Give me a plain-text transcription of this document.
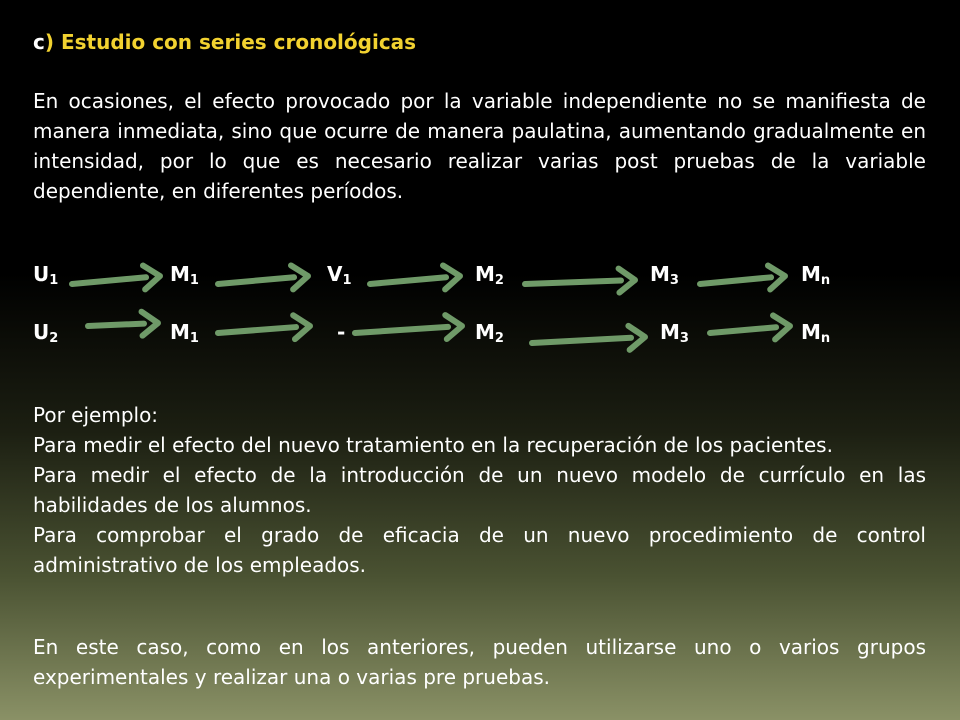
c) Estudio con series cronológicas

En ocasiones, el efecto provocado por la variable independiente no se manifiesta de manera inmediata, sino que ocurre de manera paulatina, aumentando gradualmente en intensidad, por lo que es necesario realizar varias post pruebas de la variable dependiente, en diferentes períodos.

$U_1$	$M_1$	$V_1$	$M_2$	$M_3$	$M_n$
$U_2$	$M_1$	-	$M_2$	$M_3$	$M_n$
Por ejemplo:
Para medir el efecto del nuevo tratamiento en la recuperación de los pacientes.
Para medir el efecto de la introducción de un nuevo modelo de currículo en las habilidades de los alumnos.
Para comprobar el grado de eficacia de un nuevo procedimiento de control administrativo de los empleados.

En este caso, como en los anteriores, pueden utilizarse uno o varios grupos experimentales y realizar una o varias pre pruebas.
